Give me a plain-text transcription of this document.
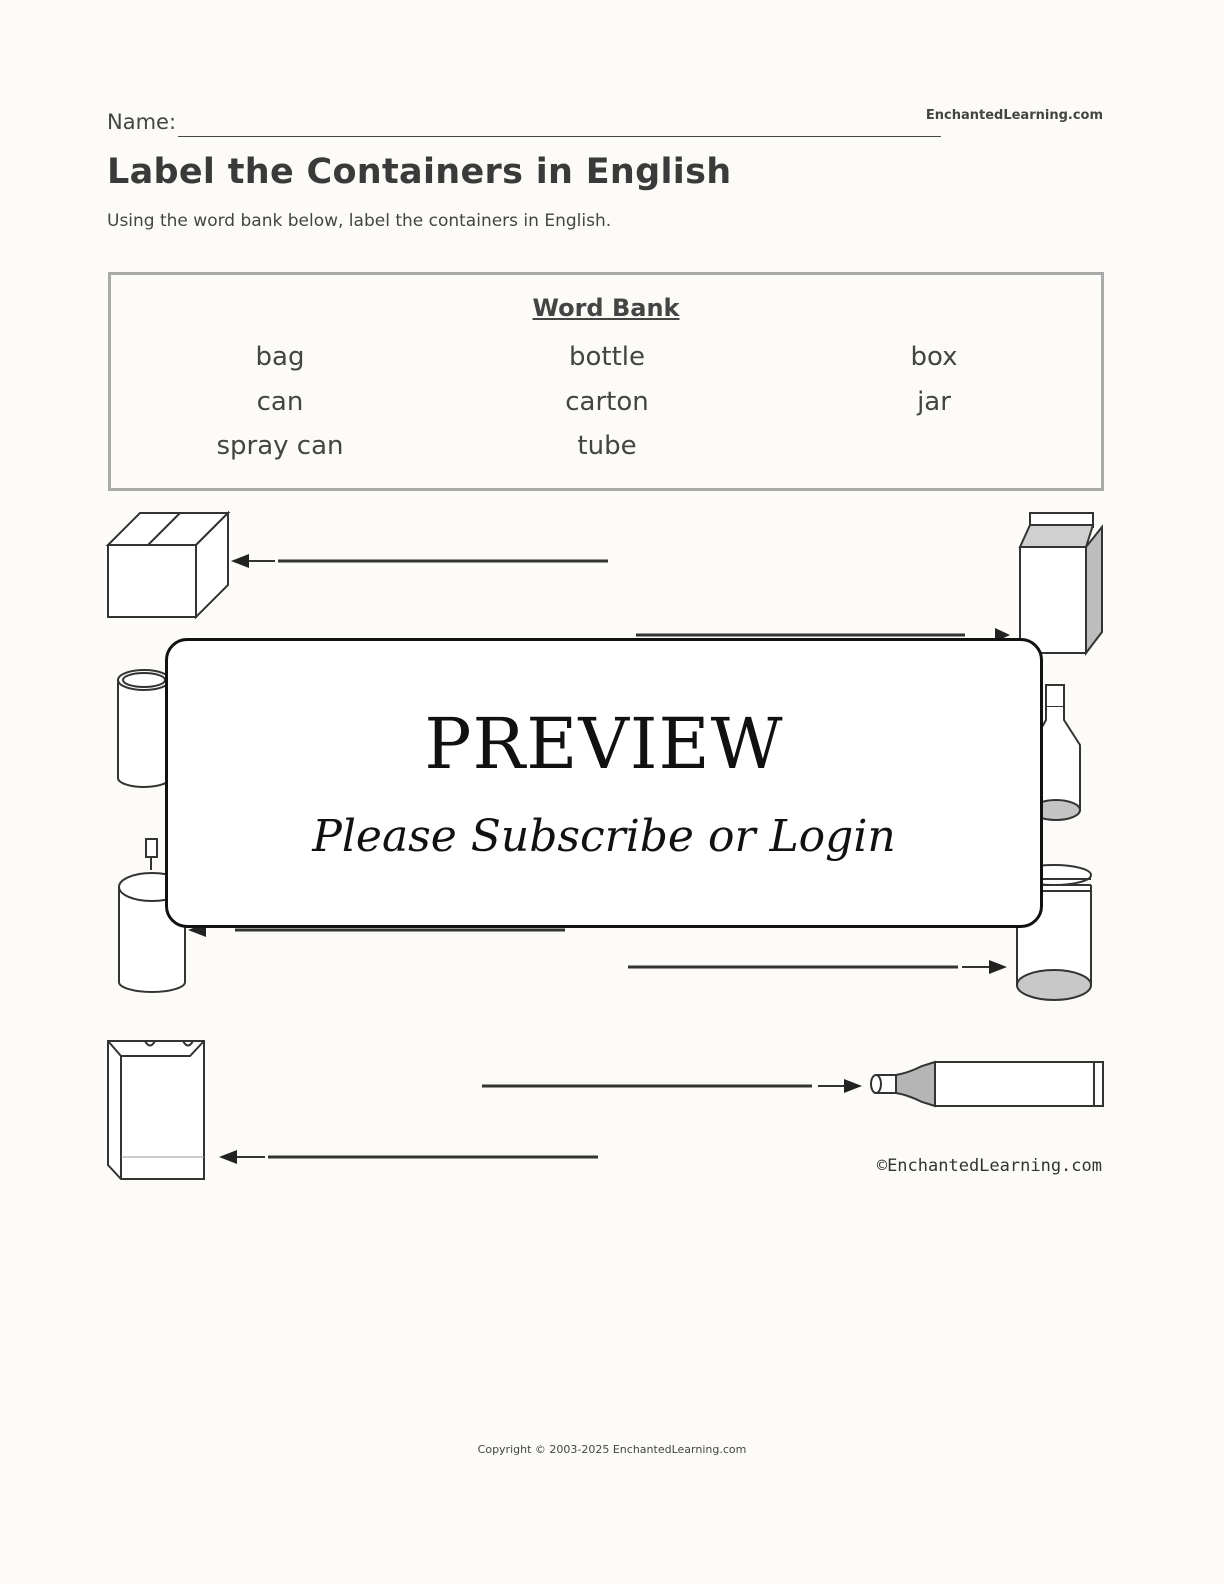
Name:	EnchantedLearning.com
Label the Containers in English
Using the word bank below, label the containers in English.
Word Bank
bag	bottle	box
can	carton	jar
spray can	tube
PREVIEW
Please Subscribe or Login
©EnchantedLearning.com
Copyright © 2003-2025 EnchantedLearning.com
